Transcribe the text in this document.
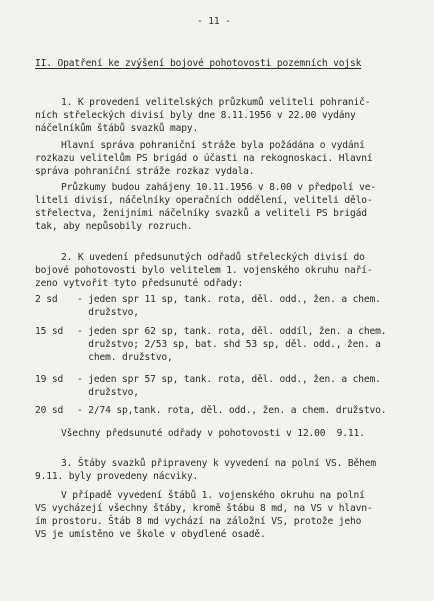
- 11 -
II. Opatření ke zvýšení bojové pohotovosti pozemních vojsk
1. K provedení velitelských průzkumů veliteli pohranič-
ních střeleckých divisí byly dne 8.11.1956 v 22.00 vydány
náčelníkům štábů svazků mapy.
Hlavní správa pohraniční stráže byla požádána o vydání
rozkazu velitelům PS brigád o účasti na rekognoskaci. Hlavní
správa pohraniční stráže rozkaz vydala.
Průzkumy budou zahájeny 10.11.1956 v 8.00 v předpolí ve-
liteli divisí, náčelníky operačních oddělení, veliteli dělo-
střelectva, ženijními náčelníky svazků a veliteli PS brigád
tak, aby nepůsobily rozruch.
2. K uvedení předsunutých odřadů střeleckých divisí do
bojové pohotovosti bylo velitelem 1. vojenského okruhu naří-
zeno vytvořit tyto předsunuté odřady:
2 sd - jeden spr 11 sp, tank. rota, děl. odd., žen. a chem.
družstvo,
15 sd - jeden spr 62 sp, tank. rota, děl. oddíl, žen. a chem.
družstvo; 2/53 sp, bat. shd 53 sp, děl. odd., žen. a
chem. družstvo,
19 sd - jeden spr 57 sp, tank. rota, děl. odd., žen. a chem.
družstvo,
20 sd - 2/74 sp,tank. rota, děl. odd., žen. a chem. družstvo.
Všechny předsunuté odřady v pohotovosti v 12.00  9.11.
3. Štáby svazků připraveny k vyvedení na polní VS. Během
9.11. byly provedeny nácviky.
V případě vyvedení štábů 1. vojenského okruhu na polní
VS vycházejí všechny štáby, kromě štábu 8 md, na VS v hlavn-
ím prostoru. Štáb 8 md vychází na záložní VS, protože jeho
VS je umístěno ve škole v obydlené osadě.
